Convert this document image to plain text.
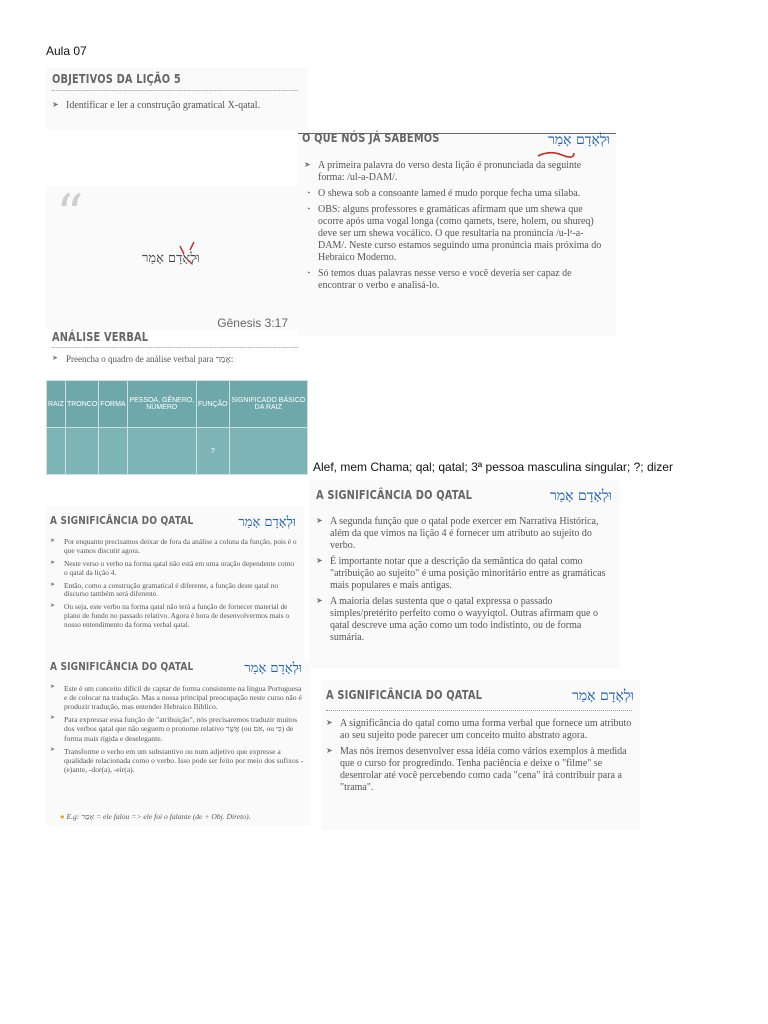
Aula 07
OBJETIVOS DA LIÇÃO 5
➤ Identificar e ler a construção gramatical X-qatal.
O QUE NÓS JÁ SABEMOS	וּלְאָדָם אָמַר
➤ A primeira palavra do verso desta lição é pronunciada da seguinte forma: /ul-a-DAM/.
➤ O shewa sob a consoante lamed é mudo porque fecha uma sílaba.
➤ OBS: alguns professores e gramáticas afirmam que um shewa que ocorre após uma vogal longa (como qamets, tsere, holem, ou shureq) deve ser um shewa vocálico. O que resultaria na pronúncia /u-lᵉ-a-DAM/. Neste curso estamos seguindo uma pronúncia mais próxima do Hebraico Moderno.
➤ Só temos duas palavras nesse verso e você deveria ser capaz de encontrar o verbo e analisá-lo.
“
וּלְאָדָם אָמַר
Gênesis 3:17
ANÁLISE VERBAL
➤ Preencha o quadro de análise verbal para אָמַר:
RAIZ	TRONCO	FORMA	PESSOA, GÊNERO, NÚMERO	FUNÇÃO	SIGNIFICADO BÁSICO DA RAIZ
				?	
Alef, mem Chama; qal; qatal; 3ª pessoa masculina singular; ?; dizer
A SIGNIFICÂNCIA DO QATAL	וּלְאָדָם אָמַר
➤ A segunda função que o qatal pode exercer em Narrativa Histórica, além da que vimos na lição 4 é fornecer um atributo ao sujeito do verbo.
➤ É importante notar que a descrição da semântica do qatal como "atribuição ao sujeito" é uma posição minoritário entre as gramáticas mais populares e mais antigas.
➤ A maioria delas sustenta que o qatal expressa o passado simples/pretérito perfeito como o wayyiqtol. Outras afirmam que o qatal descreve uma ação como um todo indistinto, ou de forma sumária.
A SIGNIFICÂNCIA DO QATAL	וּלְאָדָם אָמַר
➤ Por enquanto precisamos deixar de fora da análise a coluna da função, pois é o que vamos discutir agora.
➤ Neste verso o verbo na forma qatal não está em uma oração dependente como o qatal da lição 4.
➤ Então, como a construção gramatical é diferente, a função deste qatal no discurso também será diferente.
➤ Ou seja, este verbo na forma qatal não terá a função de fornecer material de plano de fundo no passado relativo. Agora é hora de desenvolvermos mais o nosso entendimento da forma verbal qatal.
A SIGNIFICÂNCIA DO QATAL	וּלְאָדָם אָמַר
➤ Este é um conceito difícil de captar de forma consistente na língua Portuguesa e de colocar na tradução. Mas a nossa principal preocupação neste curso não é produzir tradução, mas entender Hebraico Bíblico.
➤ Para expressar essa função de "atribuição", nós precisaremos traduzir muitos dos verbos qatal que não seguem o pronome relativo אֲשֶׁר (ou אִם, ou כִּי) de forma mais rígida e deselegante.
➤ Transforme o verbo em um substantivo ou num adjetivo que expresse a qualidade relacionada como o verbo. Isso pode ser feito por meio dos sufixos -(e)ante, -dor(a), -eir(a).
● E.g: אָמַר = ele falou => ele foi o falante (de + Obj. Direto).
A SIGNIFICÂNCIA DO QATAL	וּלְאָדָם אָמַר
➤ A significância do qatal como uma forma verbal que fornece um atributo ao seu sujeito pode parecer um conceito muito abstrato agora.
➤ Mas nós iremos desenvolver essa idéia como vários exemplos à medida que o curso for progredindo. Tenha paciência e deixe o "filme" se desenrolar até você percebendo como cada "cena" irá contribuir para a "trama".
